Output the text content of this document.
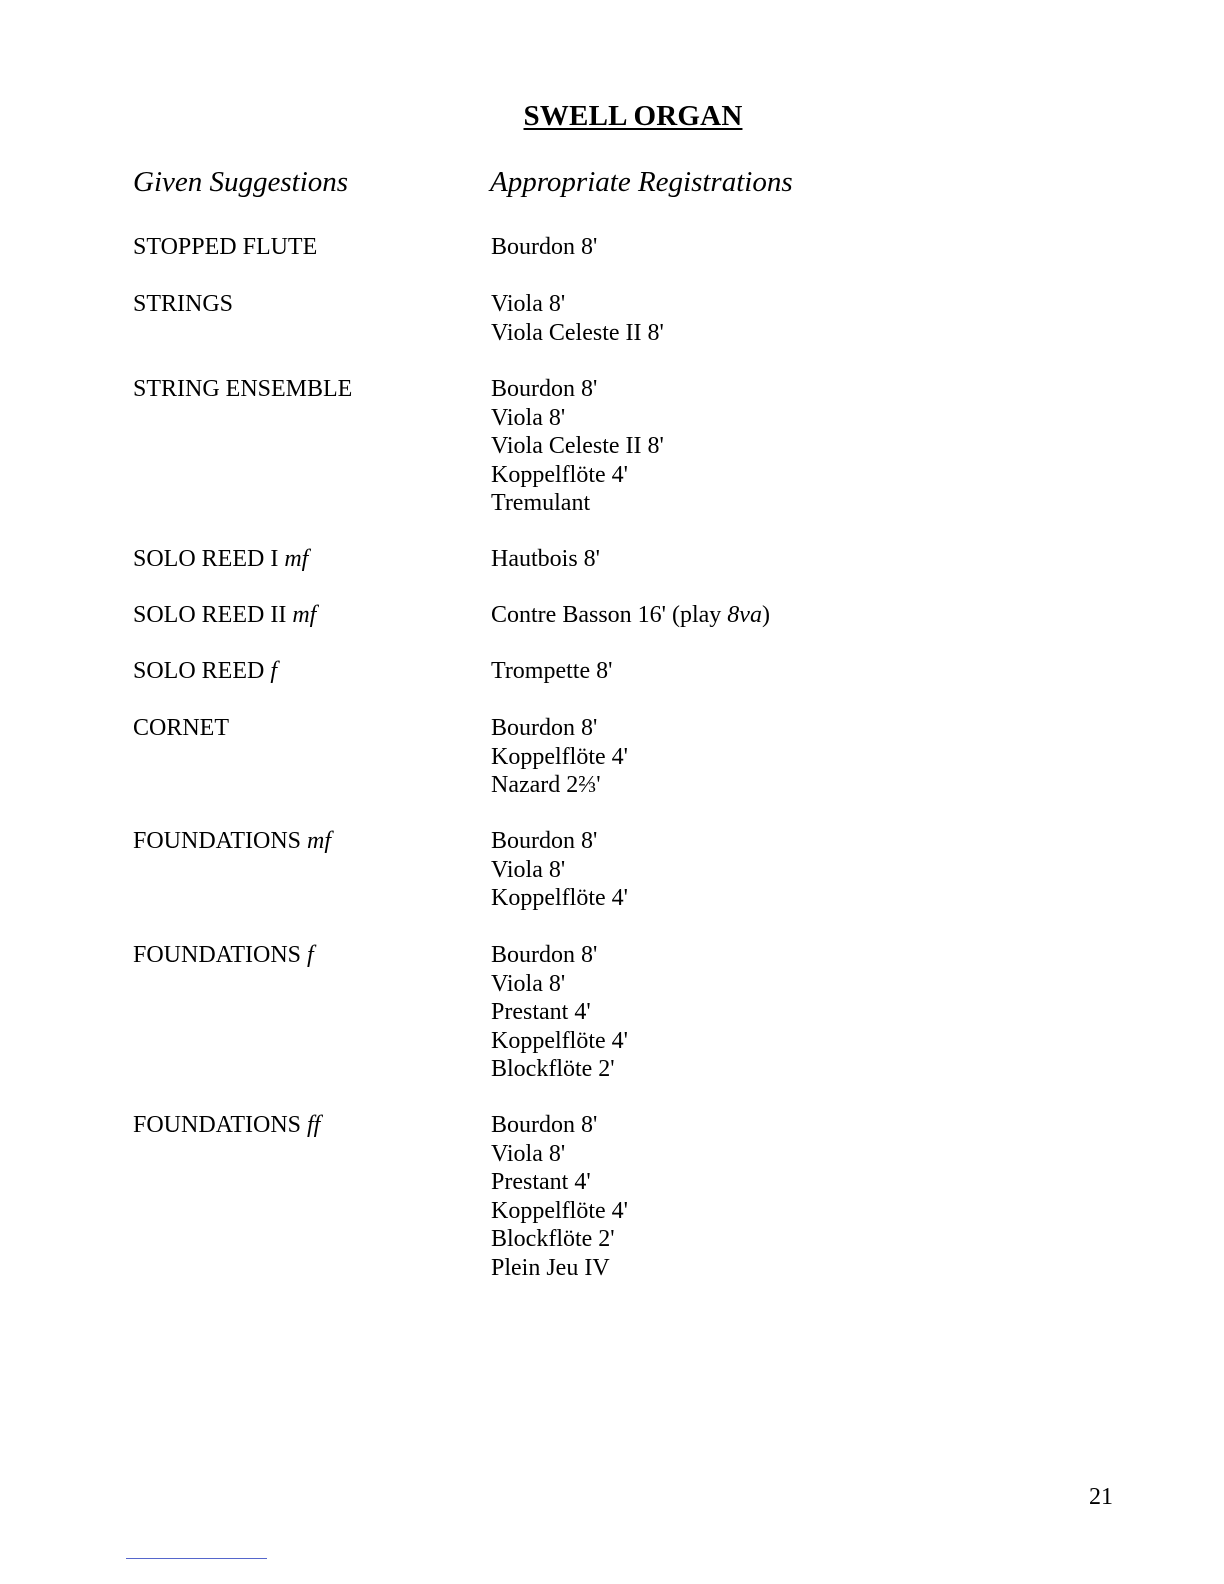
SWELL ORGAN
Given Suggestions	Appropriate Registrations
STOPPED FLUTE	Bourdon 8'
STRINGS	Viola 8'
Viola Celeste II 8'
STRING ENSEMBLE	Bourdon 8'
Viola 8'
Viola Celeste II 8'
Koppelflöte 4'
Tremulant
SOLO REED I mf	Hautbois 8'
SOLO REED II mf	Contre Basson 16' (play 8va)
SOLO REED f	Trompette 8'
CORNET	Bourdon 8'
Koppelflöte 4'
Nazard 2⅔'
FOUNDATIONS mf	Bourdon 8'
Viola 8'
Koppelflöte 4'
FOUNDATIONS f	Bourdon 8'
Viola 8'
Prestant 4'
Koppelflöte 4'
Blockflöte 2'
FOUNDATIONS ff	Bourdon 8'
Viola 8'
Prestant 4'
Koppelflöte 4'
Blockflöte 2'
Plein Jeu IV
21
